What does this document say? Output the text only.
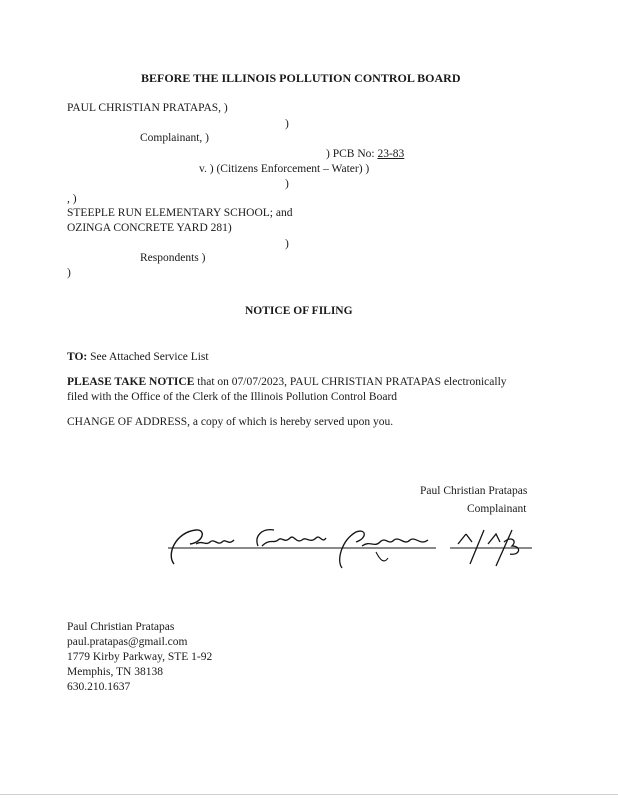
BEFORE THE ILLINOIS POLLUTION CONTROL BOARD
PAUL CHRISTIAN PRATAPAS, )
)
Complainant, )
) PCB No: 23-83
v. ) (Citizens Enforcement – Water) )
)
, )
STEEPLE RUN ELEMENTARY SCHOOL; and
OZINGA CONCRETE YARD 281)
)
Respondents )
)
NOTICE OF FILING
TO: See Attached Service List
PLEASE TAKE NOTICE that on 07/07/2023, PAUL CHRISTIAN PRATAPAS electronically
filed with the Office of the Clerk of the Illinois Pollution Control Board
CHANGE OF ADDRESS, a copy of which is hereby served upon you.
Paul Christian Pratapas
Complainant
Paul Christian Pratapas
paul.pratapas@gmail.com
1779 Kirby Parkway, STE 1-92
Memphis, TN 38138
630.210.1637
